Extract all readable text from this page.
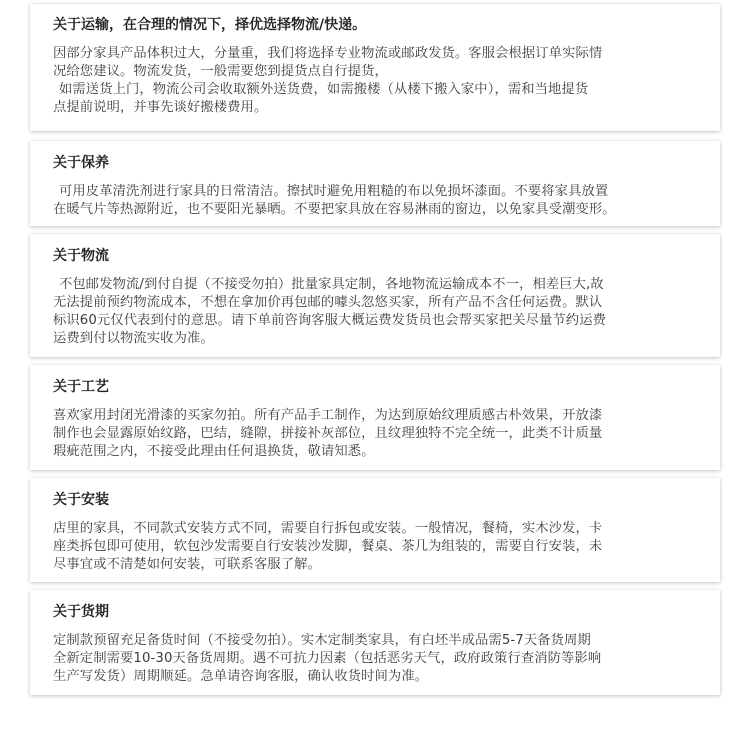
关于运输，在合理的情况下，择优选择物流/快递。
因部分家具产品体积过大，分量重，我们将选择专业物流或邮政发货。客服会根据订单实际情
况给您建议。物流发货，一般需要您到提货点自行提货，
如需送货上门，物流公司会收取额外送货费，如需搬楼（从楼下搬入家中），需和当地提货
点提前说明，并事先谈好搬楼费用。
关于保养
可用皮革清洗剂进行家具的日常清洁。擦拭时避免用粗糙的布以免损坏漆面。不要将家具放置
在暖气片等热源附近，也不要阳光暴晒。不要把家具放在容易淋雨的窗边，以免家具受潮变形。
关于物流
不包邮发物流/到付自提（不接受勿拍）批量家具定制，各地物流运输成本不一，相差巨大,故
无法提前预约物流成本，不想在拿加价再包邮的噱头忽悠买家，所有产品不含任何运费。默认
标识60元仅代表到付的意思。请下单前咨询客服大概运费发货员也会帮买家把关尽量节约运费
运费到付以物流实收为准。
关于工艺
喜欢家用封闭光滑漆的买家勿拍。所有产品手工制作，为达到原始纹理质感古朴效果，开放漆
制作也会显露原始纹路，巴结，缝隙，拼接补灰部位，且纹理独特不完全统一，此类不计质量
瑕疵范围之内，不接受此理由任何退换货，敬请知悉。
关于安装
店里的家具，不同款式安装方式不同，需要自行拆包或安装。一般情况，餐椅，实木沙发，卡
座类拆包即可使用，软包沙发需要自行安装沙发脚，餐桌、茶几为组装的，需要自行安装，未
尽事宜或不清楚如何安装，可联系客服了解。
关于货期
定制款预留充足备货时间（不接受勿拍）。实木定制类家具，有白坯半成品需5-7天备货周期
全新定制需要10-30天备货周期。遇不可抗力因素（包括恶劣天气，政府政策行查消防等影响
生产写发货）周期顺延。急单请咨询客服，确认收货时间为准。
